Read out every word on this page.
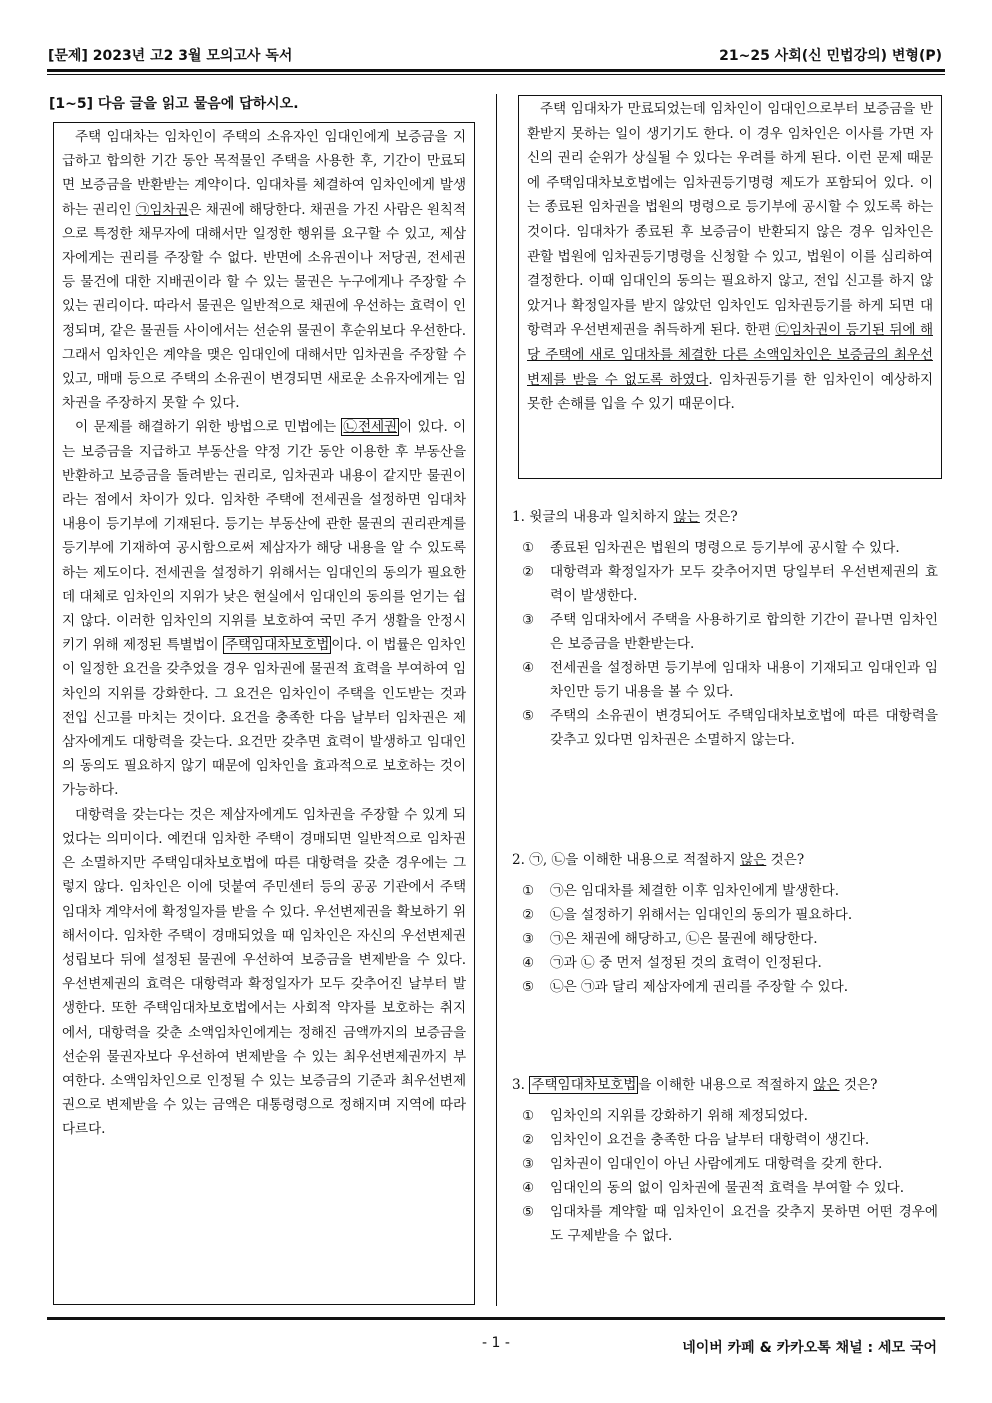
[문제] 2023년 고2 3월 모의고사 독서	21~25 사회(신 민법강의) 변형(P)
[1~5] 다음 글을 읽고 물음에 답하시오.

주택 임대차는 임차인이 주택의 소유자인 임대인에게 보증금을 지급하고 합의한 기간 동안 목적물인 주택을 사용한 후, 기간이 만료되면 보증금을 반환받는 계약이다. 임대차를 체결하여 임차인에게 발생하는 권리인 ㉠임차권은 채권에 해당한다. 채권을 가진 사람은 원칙적으로 특정한 채무자에 대해서만 일정한 행위를 요구할 수 있고, 제삼자에게는 권리를 주장할 수 없다. 반면에 소유권이나 저당권, 전세권 등 물건에 대한 지배권이라 할 수 있는 물권은 누구에게나 주장할 수 있는 권리이다. 따라서 물권은 일반적으로 채권에 우선하는 효력이 인정되며, 같은 물권들 사이에서는 선순위 물권이 후순위보다 우선한다. 그래서 임차인은 계약을 맺은 임대인에 대해서만 임차권을 주장할 수 있고, 매매 등으로 주택의 소유권이 변경되면 새로운 소유자에게는 임차권을 주장하지 못할 수 있다.

이 문제를 해결하기 위한 방법으로 민법에는 ㉡전세권 이 있다. 이는 보증금을 지급하고 부동산을 약정 기간 동안 이용한 후 부동산을 반환하고 보증금을 돌려받는 권리로, 임차권과 내용이 같지만 물권이라는 점에서 차이가 있다. 임차한 주택에 전세권을 설정하면 임대차 내용이 등기부에 기재된다. 등기는 부동산에 관한 물권의 권리관계를 등기부에 기재하여 공시함으로써 제삼자가 해당 내용을 알 수 있도록 하는 제도이다. 전세권을 설정하기 위해서는 임대인의 동의가 필요한데 대체로 임차인의 지위가 낮은 현실에서 임대인의 동의를 얻기는 쉽지 않다. 이러한 임차인의 지위를 보호하여 국민 주거 생활을 안정시키기 위해 제정된 특별법이 주택임대차보호법 이다. 이 법률은 임차인이 일정한 요건을 갖추었을 경우 임차권에 물권적 효력을 부여하여 임차인의 지위를 강화한다. 그 요건은 임차인이 주택을 인도받는 것과 전입 신고를 마치는 것이다. 요건을 충족한 다음 날부터 임차권은 제삼자에게도 대항력을 갖는다. 요건만 갖추면 효력이 발생하고 임대인의 동의도 필요하지 않기 때문에 임차인을 효과적으로 보호하는 것이 가능하다.

대항력을 갖는다는 것은 제삼자에게도 임차권을 주장할 수 있게 되었다는 의미이다. 예컨대 임차한 주택이 경매되면 일반적으로 임차권은 소멸하지만 주택임대차보호법에 따른 대항력을 갖춘 경우에는 그렇지 않다. 임차인은 이에 덧붙여 주민센터 등의 공공 기관에서 주택 임대차 계약서에 확정일자를 받을 수 있다. 우선변제권을 확보하기 위해서이다. 임차한 주택이 경매되었을 때 임차인은 자신의 우선변제권 성립보다 뒤에 설정된 물권에 우선하여 보증금을 변제받을 수 있다. 우선변제권의 효력은 대항력과 확정일자가 모두 갖추어진 날부터 발생한다. 또한 주택임대차보호법에서는 사회적 약자를 보호하는 취지에서, 대항력을 갖춘 소액임차인에게는 정해진 금액까지의 보증금을 선순위 물권자보다 우선하여 변제받을 수 있는 최우선변제권까지 부여한다. 소액임차인으로 인정될 수 있는 보증금의 기준과 최우선변제권으로 변제받을 수 있는 금액은 대통령령으로 정해지며 지역에 따라 다르다.

주택 임대차가 만료되었는데 임차인이 임대인으로부터 보증금을 반환받지 못하는 일이 생기기도 한다. 이 경우 임차인은 이사를 가면 자신의 권리 순위가 상실될 수 있다는 우려를 하게 된다. 이런 문제 때문에 주택임대차보호법에는 임차권등기명령 제도가 포함되어 있다. 이는 종료된 임차권을 법원의 명령으로 등기부에 공시할 수 있도록 하는 것이다. 임대차가 종료된 후 보증금이 반환되지 않은 경우 임차인은 관할 법원에 임차권등기명령을 신청할 수 있고, 법원이 이를 심리하여 결정한다. 이때 임대인의 동의는 필요하지 않고, 전입 신고를 하지 않았거나 확정일자를 받지 않았던 임차인도 임차권등기를 하게 되면 대항력과 우선변제권을 취득하게 된다. 한편 ㉢임차권이 등기된 뒤에 해당 주택에 새로 임대차를 체결한 다른 소액임차인은 보증금의 최우선변제를 받을 수 없도록 하였다. 임차권등기를 한 임차인이 예상하지 못한 손해를 입을 수 있기 때문이다.

1. 윗글의 내용과 일치하지 않는 것은?

①	종료된 임차권은 법원의 명령으로 등기부에 공시할 수 있다.
②	대항력과 확정일자가 모두 갖추어지면 당일부터 우선변제권의 효력이 발생한다.
③	주택 임대차에서 주택을 사용하기로 합의한 기간이 끝나면 임차인은 보증금을 반환받는다.
④	전세권을 설정하면 등기부에 임대차 내용이 기재되고 임대인과 임차인만 등기 내용을 볼 수 있다.
⑤	주택의 소유권이 변경되어도 주택임대차보호법에 따른 대항력을 갖추고 있다면 임차권은 소멸하지 않는다.

2. ㉠, ㉡을 이해한 내용으로 적절하지 않은 것은?

①	㉠은 임대차를 체결한 이후 임차인에게 발생한다.
②	㉡을 설정하기 위해서는 임대인의 동의가 필요하다.
③	㉠은 채권에 해당하고, ㉡은 물권에 해당한다.
④	㉠과 ㉡ 중 먼저 설정된 것의 효력이 인정된다.
⑤	㉡은 ㉠과 달리 제삼자에게 권리를 주장할 수 있다.

3. 주택임대차보호법 을 이해한 내용으로 적절하지 않은 것은?

①	임차인의 지위를 강화하기 위해 제정되었다.
②	임차인이 요건을 충족한 다음 날부터 대항력이 생긴다.
③	임차권이 임대인이 아닌 사람에게도 대항력을 갖게 한다.
④	임대인의 동의 없이 임차권에 물권적 효력을 부여할 수 있다.
⑤	임대차를 계약할 때 임차인이 요건을 갖추지 못하면 어떤 경우에도 구제받을 수 없다.
- 1 -	네이버 카페 & 카카오톡 채널 : 세모 국어
